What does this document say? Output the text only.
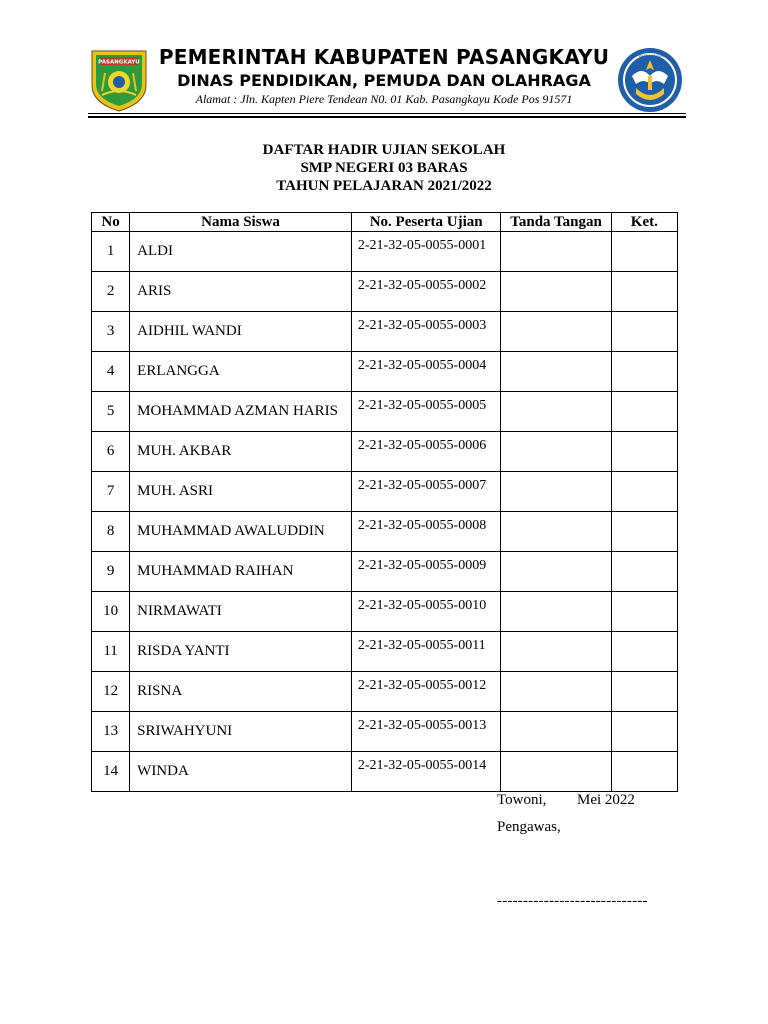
PASANGKAYU PEMERINTAH KABUPATEN PASANGKAYU
DINAS PENDIDIKAN, PEMUDA DAN OLAHRAGA
Alamat : Jln. Kapten Piere Tendean N0. 01 Kab. Pasangkayu Kode Pos 91571
TUT WURI HANDAYANI
DAFTAR HADIR UJIAN SEKOLAH
SMP NEGERI 03 BARAS
TAHUN PELAJARAN 2021/2022
No	Nama Siswa	No. Peserta Ujian	Tanda Tangan	Ket.
1	ALDI	2-21-32-05-0055-0001		
2	ARIS	2-21-32-05-0055-0002		
3	AIDHIL WANDI	2-21-32-05-0055-0003		
4	ERLANGGA	2-21-32-05-0055-0004		
5	MOHAMMAD AZMAN HARIS	2-21-32-05-0055-0005		
6	MUH. AKBAR	2-21-32-05-0055-0006		
7	MUH. ASRI	2-21-32-05-0055-0007		
8	MUHAMMAD AWALUDDIN	2-21-32-05-0055-0008		
9	MUHAMMAD RAIHAN	2-21-32-05-0055-0009		
10	NIRMAWATI	2-21-32-05-0055-0010		
11	RISDA YANTI	2-21-32-05-0055-0011		
12	RISNA	2-21-32-05-0055-0012		
13	SRIWAHYUNI	2-21-32-05-0055-0013		
14	WINDA	2-21-32-05-0055-0014		
Towoni, Mei 2022
Pengawas,
-----------------------------
